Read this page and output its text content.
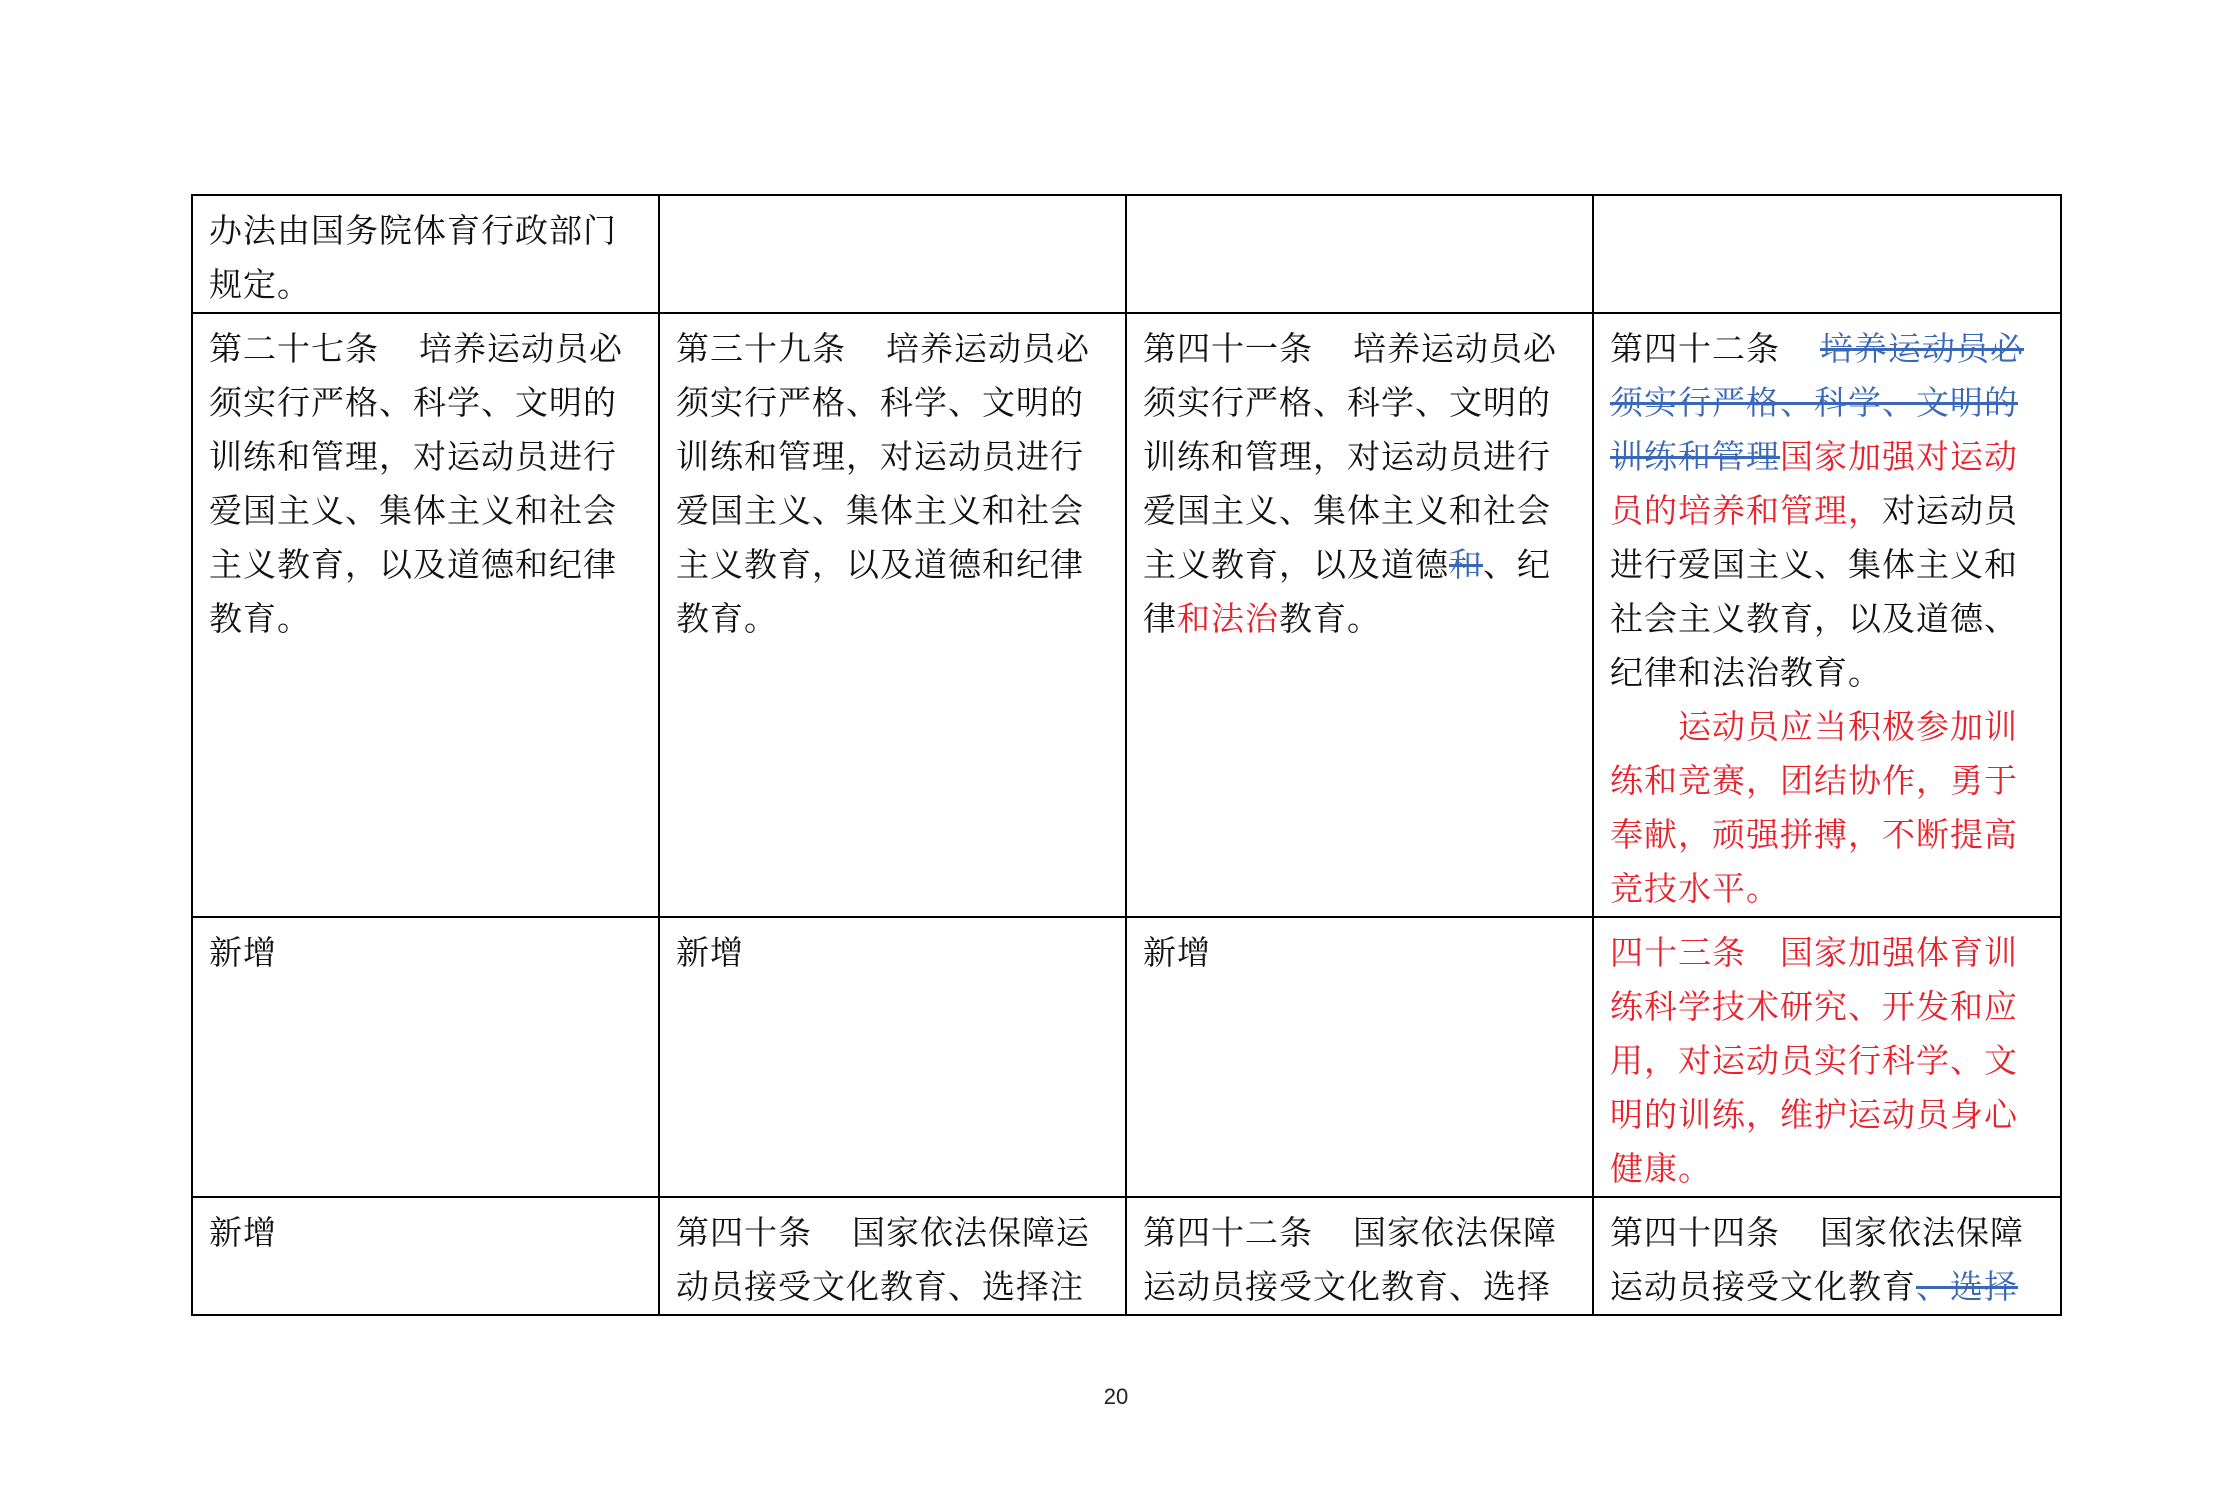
办法由国务院体育行政部门规定。			
第二十七条 培养运动员必须实行严格、科学、文明的训练和管理，对运动员进行爱国主义、集体主义和社会主义教育，以及道德和纪律教育。	第三十九条 培养运动员必须实行严格、科学、文明的训练和管理，对运动员进行爱国主义、集体主义和社会主义教育，以及道德和纪律教育。	第四十一条 培养运动员必须实行严格、科学、文明的训练和管理，对运动员进行爱国主义、集体主义和社会主义教育，以及道德和、纪律和法治教育。	第四十二条 培养运动员必须实行严格、科学、文明的训练和管理国家加强对运动员的培养和管理，对运动员进行爱国主义、集体主义和社会主义教育，以及道德、纪律和法治教育。
运动员应当积极参加训练和竞赛，团结协作，勇于奉献，顽强拼搏，不断提高竞技水平。

新增	新增	新增	四十三条　国家加强体育训练科学技术研究、开发和应用，对运动员实行科学、文明的训练，维护运动员身心健康。
新增	第四十条 国家依法保障运动员接受文化教育、选择注	第四十二条 国家依法保障运动员接受文化教育、选择	第四十四条 国家依法保障运动员接受文化教育、选择
20
